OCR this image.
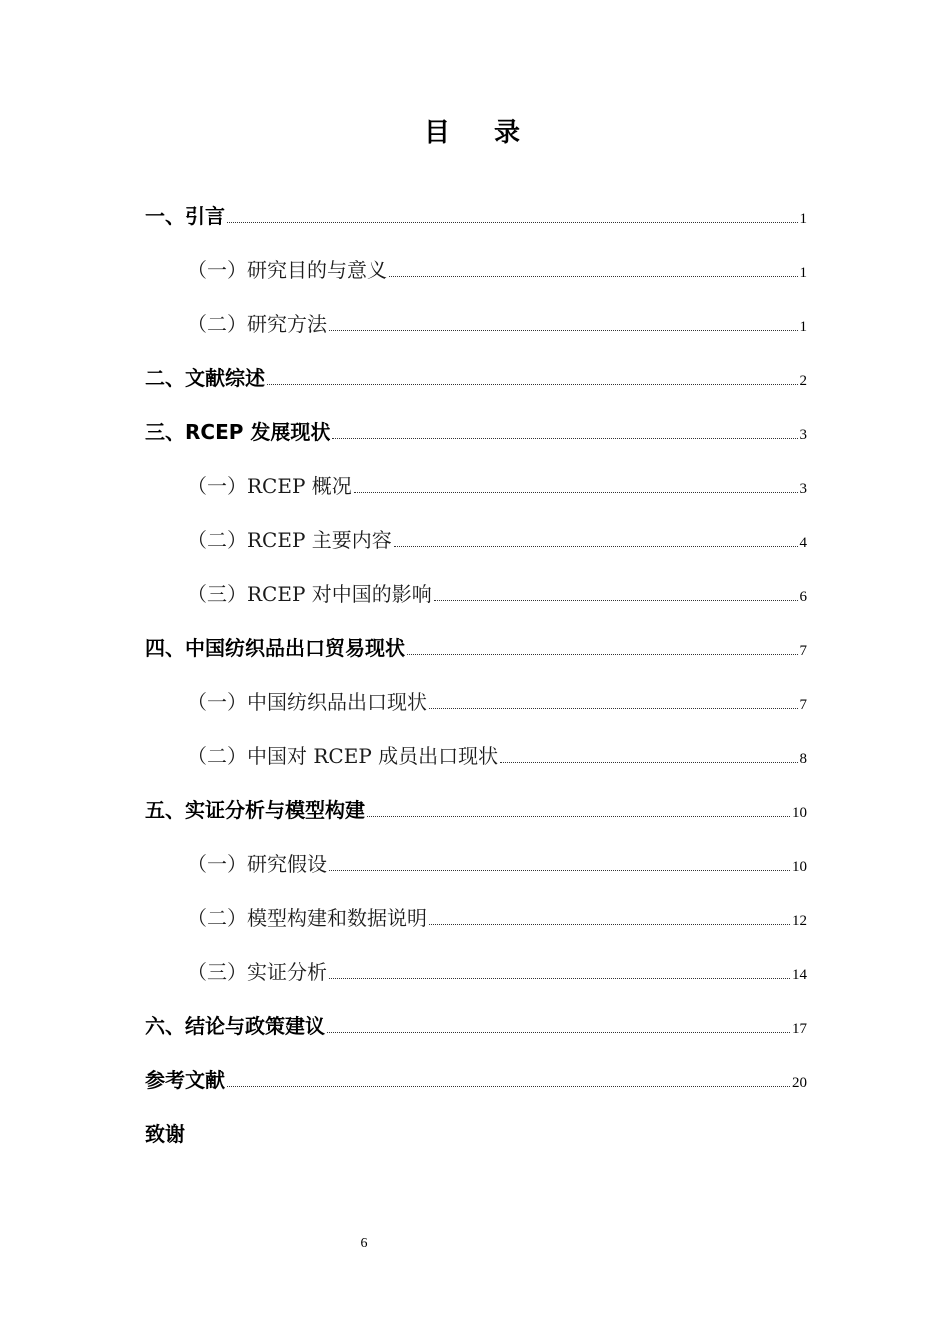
目录
一、引言	1
（一）研究目的与意义	1
（二）研究方法	1
二、文献综述	2
三、RCEP 发展现状	3
（一）RCEP 概况	3
（二）RCEP 主要内容	4
（三）RCEP 对中国的影响	6
四、中国纺织品出口贸易现状	7
（一）中国纺织品出口现状	7
（二）中国对 RCEP 成员出口现状	8
五、实证分析与模型构建	10
（一）研究假设	10
（二）模型构建和数据说明	12
（三）实证分析	14
六、结论与政策建议	17
参考文献	20
致谢
6
